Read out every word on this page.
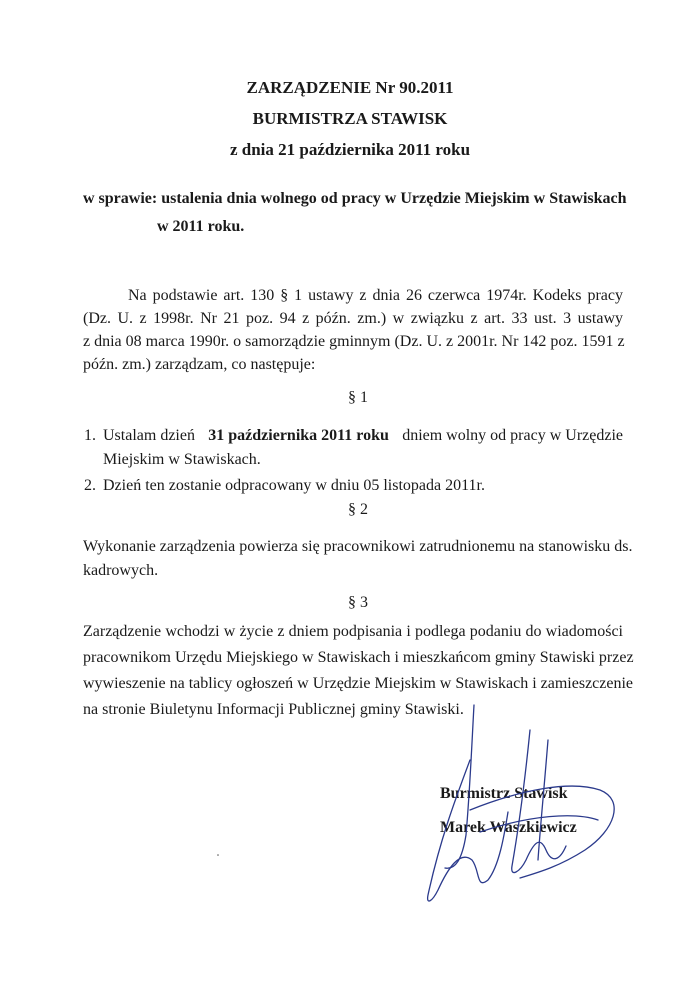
ZARZĄDZENIE Nr 90.2011
BURMISTRZA STAWISK
z dnia 21 października 2011 roku
w sprawie: ustalenia dnia wolnego od pracy w Urzędzie Miejskim w Stawiskach
w 2011 roku.
Na podstawie art. 130 § 1 ustawy z dnia 26 czerwca 1974r. Kodeks pracy
(Dz. U. z 1998r. Nr 21 poz. 94 z późn. zm.) w związku z art. 33 ust. 3 ustawy
z dnia 08 marca 1990r. o samorządzie gminnym (Dz. U. z 2001r. Nr 142 poz. 1591 z
późn. zm.) zarządzam, co następuje:
§ 1
1. Ustalam dzień 31 października 2011 roku dniem wolny od pracy w Urzędzie
Miejskim w Stawiskach.
2. Dzień ten zostanie odpracowany w dniu 05 listopada 2011r.
§ 2
Wykonanie zarządzenia powierza się pracownikowi zatrudnionemu na stanowisku ds.
kadrowych.
§ 3
Zarządzenie wchodzi w życie z dniem podpisania i podlega podaniu do wiadomości
pracownikom Urzędu Miejskiego w Stawiskach i mieszkańcom gminy Stawiski przez
wywieszenie na tablicy ogłoszeń w Urzędzie Miejskim w Stawiskach i zamieszczenie
na stronie Biuletynu Informacji Publicznej gminy Stawiski.
Burmistrz Stawisk
Marek Waszkiewicz
